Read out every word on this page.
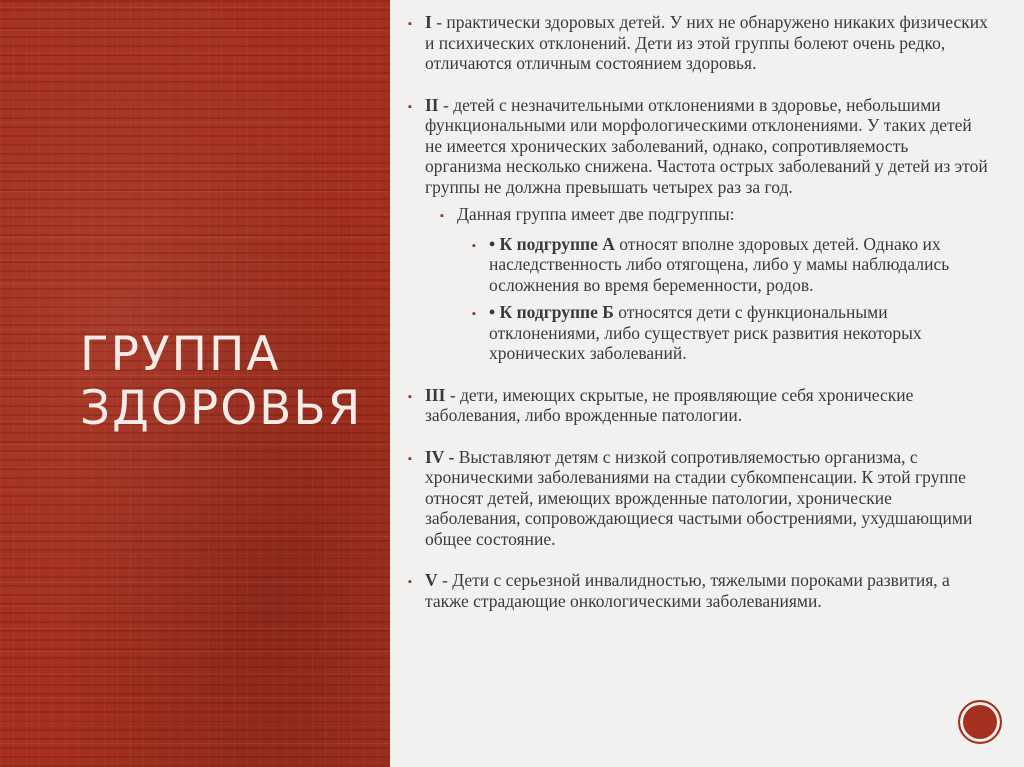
ГРУППА
ЗДОРОВЬЯ
▪ I - практически здоровых детей. У них не обнаружено никаких физических и психических отклонений. Дети из этой группы болеют очень редко, отличаются отличным состоянием здоровья.
▪ II - детей с незначительными отклонениями в здоровье, небольшими функциональными или морфологическими отклонениями. У таких детей не имеется хронических заболеваний, однако, сопротивляемость организма несколько снижена. Частота острых заболеваний у детей из этой группы не должна превышать четырех раз за год.
▪ Данная группа имеет две подгруппы:
▪ • К подгруппе А относят вполне здоровых детей. Однако их наследственность либо отягощена, либо у мамы наблюдались осложнения во время беременности, родов.
▪ • К подгруппе Б относятся дети с функциональными отклонениями, либо существует риск развития некоторых хронических заболеваний.
▪ III - дети, имеющих скрытые, не проявляющие себя хронические заболевания, либо врожденные патологии.
▪ IV - Выставляют детям с низкой сопротивляемостью организма, с хроническими заболеваниями на стадии субкомпенсации. К этой группе относят детей, имеющих врожденные патологии, хронические заболевания, сопровождающиеся частыми обострениями, ухудшающими общее состояние.
▪ V - Дети с серьезной инвалидностью, тяжелыми пороками развития, а также страдающие онкологическими заболеваниями.
